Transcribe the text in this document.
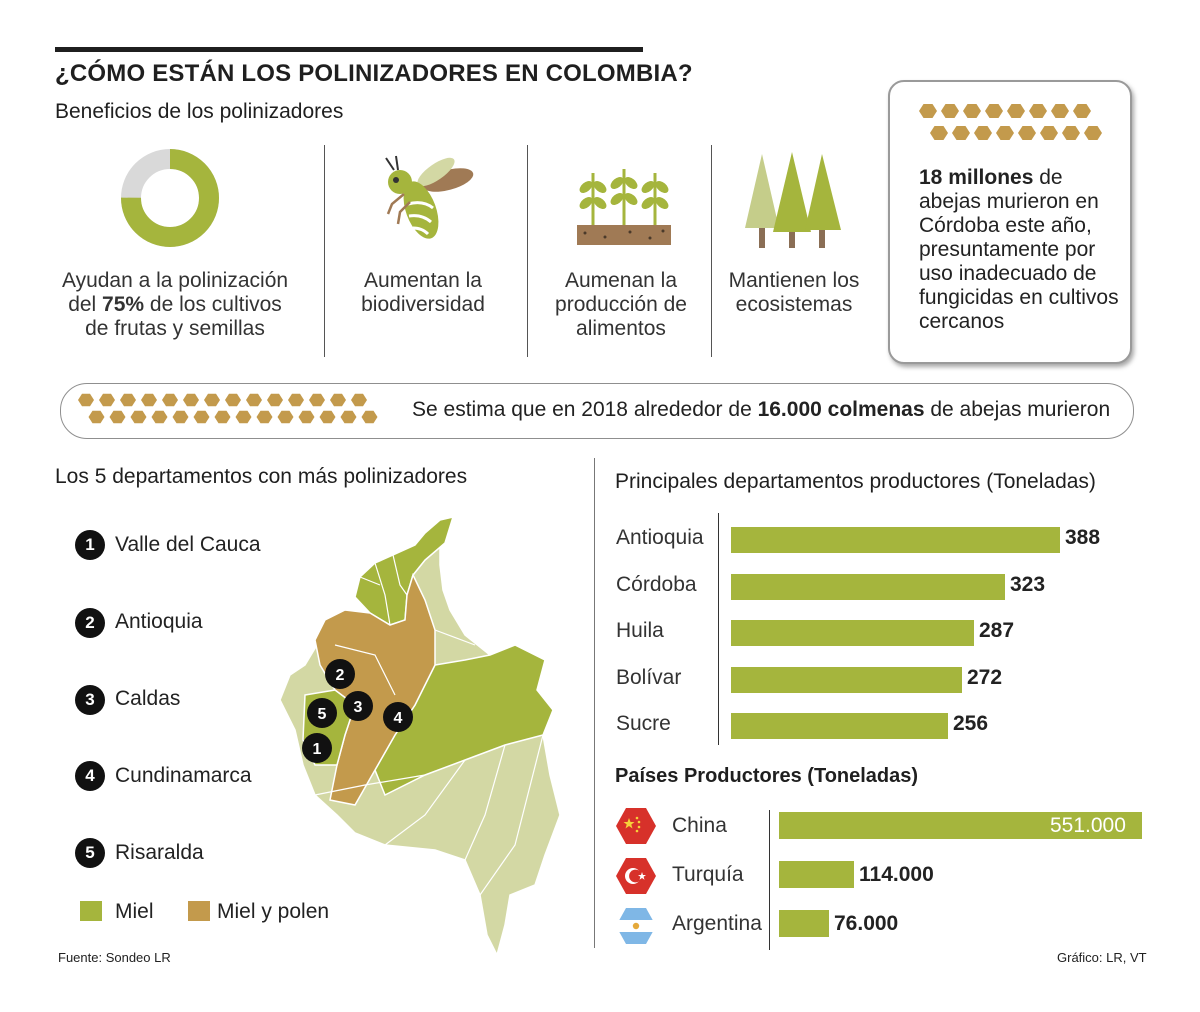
¿CÓMO ESTÁN LOS POLINIZADORES EN COLOMBIA?
Beneficios de los polinizadores
Ayudan a la polinización
del 75% de los cultivos
de frutas y semillas
Aumentan la
biodiversidad
Aumenan la
producción de
alimentos
Mantienen los
ecosistemas
18 millones de abejas murieron en Córdoba este año, presuntamente por uso inadecuado de fungicidas en cultivos cercanos
Se estima que en 2018 alrededor de 16.000 colmenas de abejas murieron
Los 5 departamentos con más polinizadores
1 Valle del Cauca
2 Antioquia
3 Caldas
4 Cundinamarca
5 Risaralda
2
3
5	4
1
Miel	Miel y polen
Principales departamentos productores (Toneladas)
Antioquia	388
Córdoba	323
Huila	287
Bolívar	272
Sucre	256
Países Productores (Toneladas)
China	551.000
Turquía	114.000
Argentina	76.000
Fuente: Sondeo LR	Gráfico: LR, VT
